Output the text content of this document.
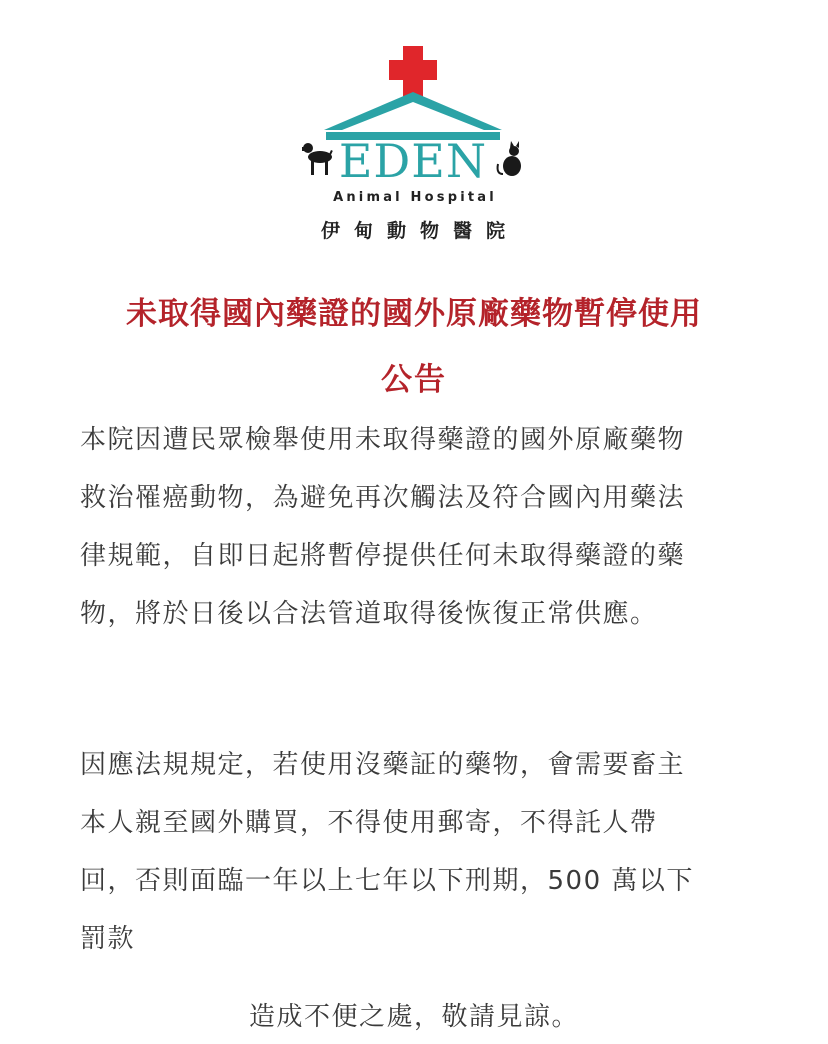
EDEN
Animal Hospital
伊甸動物醫院
未取得國內藥證的國外原廠藥物暫停使用
公告
本院因遭民眾檢舉使用未取得藥證的國外原廠藥物
救治罹癌動物，為避免再次觸法及符合國內用藥法
律規範，自即日起將暫停提供任何未取得藥證的藥
物，將於日後以合法管道取得後恢復正常供應。
因應法規規定，若使用沒藥証的藥物，會需要畜主
本人親至國外購買，不得使用郵寄，不得託人帶
回，否則面臨一年以上七年以下刑期，500 萬以下
罰款
造成不便之處，敬請見諒。
